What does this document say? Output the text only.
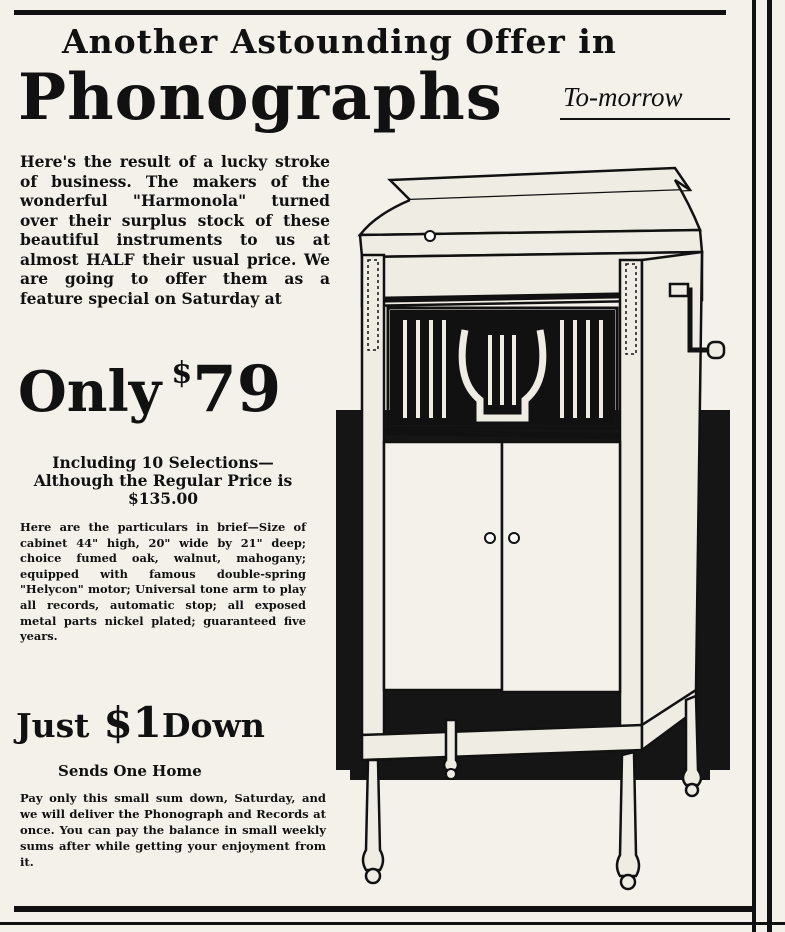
Another Astounding Offer in
Phonographs To-morrow

Here's the result of a lucky stroke of business. The makers of the wonderful "Harmonola" turned over their surplus stock of these beautiful instruments to us at almost HALF their usual price. We are going to offer them as a feature special on Saturday at

Only $79

Including 10 Selections—Although the Regular Price is $135.00

Here are the particulars in brief—Size of cabinet 44" high, 20" wide by 21" deep; choice fumed oak, walnut, mahogany; equipped with famous double-spring "Helycon" motor; Universal tone arm to play all records, automatic stop; all exposed metal parts nickel plated; guaranteed five years.

Just $1Down

Sends One Home

Pay only this small sum down, Saturday, and we will deliver the Phonograph and Records at once. You can pay the balance in small weekly sums after while getting your enjoyment from it.
